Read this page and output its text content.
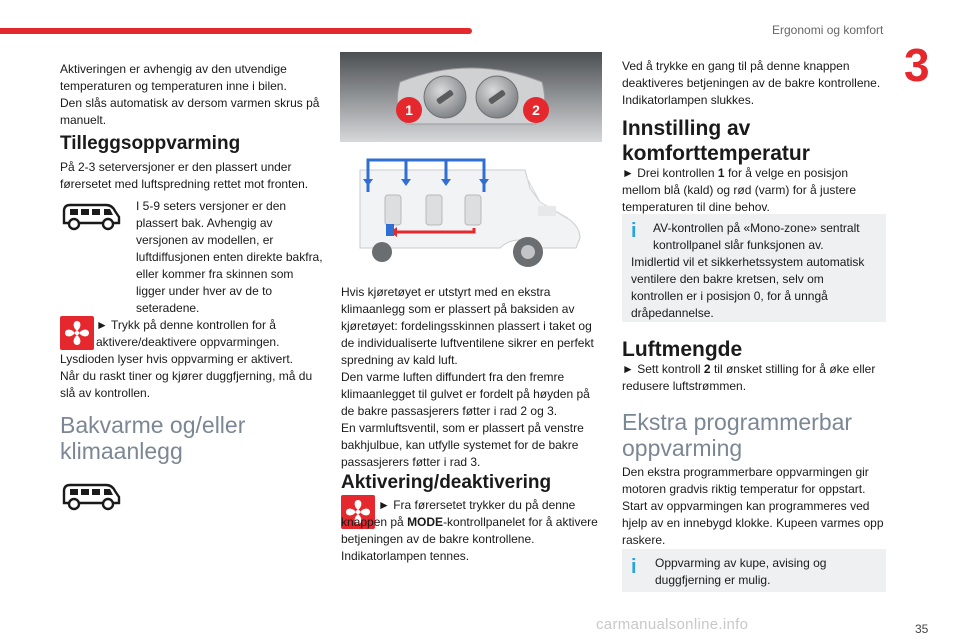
Ergonomi og komfort
3

Aktiveringen er avhengig av den utvendige temperaturen og temperaturen inne i bilen.
Den slås automatisk av dersom varmen skrus på manuelt.

Tilleggsoppvarming

På 2-3 seterversjoner er den plassert under førersetet med luftspredning rettet mot fronten.

I 5-9 seters versjoner er den plassert bak. Avhengig av versjonen av modellen, er luftdiffusjonen enten direkte bakfra, eller kommer fra skinnen som ligger under hver av de to seteradene.

► Trykk på denne kontrollen for å aktivere/deaktivere oppvarmingen.

Lysdioden lyser hvis oppvarming er aktivert.
Når du raskt tiner og kjører duggfjerning, må du slå av kontrollen.

Bakvarme og/eller klimaanlegg
1	2

Hvis kjøretøyet er utstyrt med en ekstra klimaanlegg som er plassert på baksiden av kjøretøyet: fordelingsskinnen plassert i taket og de individualiserte luftventilene sikrer en perfekt spredning av kald luft.
Den varme luften diffundert fra den fremre klimaanlegget til gulvet er fordelt på høyden på de bakre passasjerers føtter i rad 2 og 3.
En varmluftsventil, som er plassert på venstre bakhjulbue, kan utfylle systemet for de bakre passasjerers føtter i rad 3.

Aktivering/deaktivering

► Fra førersetet trykker du på denne knappen på MODE-kontrollpanelet for å aktivere betjeningen av de bakre kontrollene.
Indikatorlampen tennes.

Ved å trykke en gang til på denne knappen deaktiveres betjeningen av de bakre kontrollene.
Indikatorlampen slukkes.

Innstilling av komforttemperatur

► Drei kontrollen 1 for å velge en posisjon mellom blå (kald) og rød (varm) for å justere temperaturen til dine behov.

i AV-kontrollen på «Mono-zone» sentralt kontrollpanel slår funksjonen av.

Imidlertid vil et sikkerhetssystem automatisk ventilere den bakre kretsen, selv om kontrollen er i posisjon 0, for å unngå dråpedannelse.

Luftmengde

► Sett kontroll 2 til ønsket stilling for å øke eller redusere luftstrømmen.

Ekstra programmerbar oppvarming

Den ekstra programmerbare oppvarmingen gir motoren gradvis riktig temperatur for oppstart.
Start av oppvarmingen kan programmeres ved hjelp av en innebygd klokke. Kupeen varmes opp raskere.

i Oppvarming av kupe, avising og duggfjerning er mulig.

carmanualsonline.info	35
